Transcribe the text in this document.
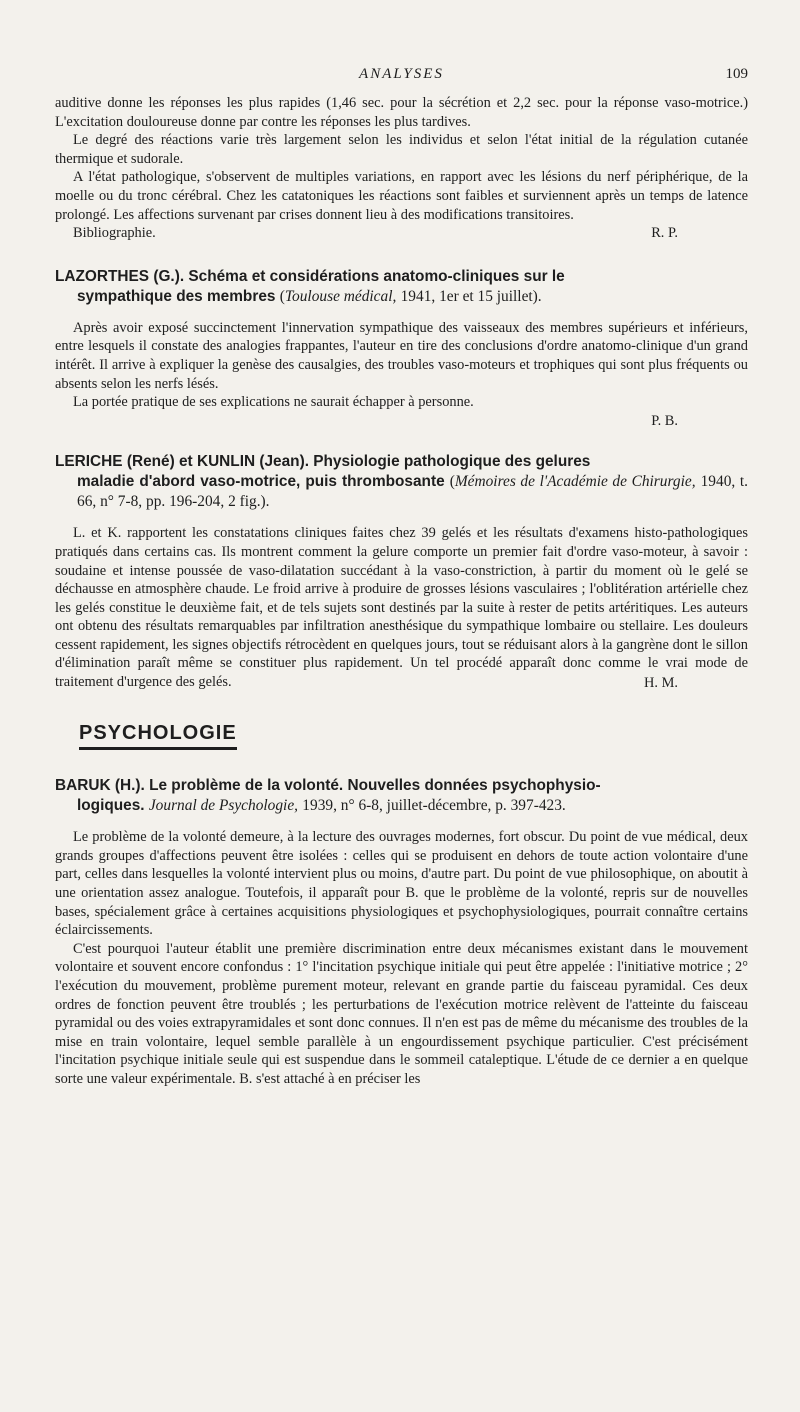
ANALYSES	109

auditive donne les réponses les plus rapides (1,46 sec. pour la sécrétion et 2,2 sec. pour la réponse vaso-motrice.) L'excitation douloureuse donne par contre les réponses les plus tardives.

Le degré des réactions varie très largement selon les individus et selon l'état initial de la régulation cutanée thermique et sudorale.

A l'état pathologique, s'observent de multiples variations, en rapport avec les lésions du nerf périphérique, de la moelle ou du tronc cérébral. Chez les catatoniques les réactions sont faibles et surviennent après un temps de latence prolongé. Les affections survenant par crises donnent lieu à des modifications transitoires.

Bibliographie.	R. P.
LAZORTHES (G.). Schéma et considérations anatomo-cliniques sur le
sympathique des membres (Toulouse médical, 1941, 1er et 15 juillet).

Après avoir exposé succinctement l'innervation sympathique des vaisseaux des membres supérieurs et inférieurs, entre lesquels il constate des analogies frappantes, l'auteur en tire des conclusions d'ordre anatomo-clinique d'un grand intérêt. Il arrive à expliquer la genèse des causalgies, des troubles vaso-moteurs et trophiques qui sont plus fréquents ou absents selon les nerfs lésés.

La portée pratique de ses explications ne saurait échapper à personne.

P. B.
LERICHE (René) et KUNLIN (Jean). Physiologie pathologique des gelures
maladie d'abord vaso-motrice, puis thrombosante (Mémoires de l'Académie de Chirurgie, 1940, t. 66, n° 7-8, pp. 196-204, 2 fig.).

L. et K. rapportent les constatations cliniques faites chez 39 gelés et les résultats d'examens histo-pathologiques pratiqués dans certains cas. Ils montrent comment la gelure comporte un premier fait d'ordre vaso-moteur, à savoir : soudaine et intense poussée de vaso-dilatation succédant à la vaso-constriction, à partir du moment où le gelé se déchausse en atmosphère chaude. Le froid arrive à produire de grosses lésions vasculaires ; l'oblitération artérielle chez les gelés constitue le deuxième fait, et de tels sujets sont destinés par la suite à rester de petits artéritiques. Les auteurs ont obtenu des résultats remarquables par infiltration anesthésique du sympathique lombaire ou stellaire. Les douleurs cessent rapidement, les signes objectifs rétrocèdent en quelques jours, tout se réduisant alors à la gangrène dont le sillon d'élimination paraît même se constituer plus rapidement. Un tel procédé apparaît donc comme le vrai mode de traitement d'urgence des gelés.	H. M.
PSYCHOLOGIE
BARUK (H.). Le problème de la volonté. Nouvelles données psychophysio-
logiques. Journal de Psychologie, 1939, n° 6-8, juillet-décembre, p. 397-423.

Le problème de la volonté demeure, à la lecture des ouvrages modernes, fort obscur. Du point de vue médical, deux grands groupes d'affections peuvent être isolées : celles qui se produisent en dehors de toute action volontaire d'une part, celles dans lesquelles la volonté intervient plus ou moins, d'autre part. Du point de vue philosophique, on aboutit à une orientation assez analogue. Toutefois, il apparaît pour B. que le problème de la volonté, repris sur de nouvelles bases, spécialement grâce à certaines acquisitions physiologiques et psychophysiologiques, pourrait connaître certains éclaircissements.

C'est pourquoi l'auteur établit une première discrimination entre deux mécanismes existant dans le mouvement volontaire et souvent encore confondus : 1° l'incitation psychique initiale qui peut être appelée : l'initiative motrice ; 2° l'exécution du mouvement, problème purement moteur, relevant en grande partie du faisceau pyramidal. Ces deux ordres de fonction peuvent être troublés ; les perturbations de l'exécution motrice relèvent de l'atteinte du faisceau pyramidal ou des voies extrapyramidales et sont donc connues. Il n'en est pas de même du mécanisme des troubles de la mise en train volontaire, lequel semble parallèle à un engourdissement psychique particulier. C'est précisément l'incitation psychique initiale seule qui est suspendue dans le sommeil cataleptique. L'étude de ce dernier a en quelque sorte une valeur expérimentale. B. s'est attaché à en préciser les
